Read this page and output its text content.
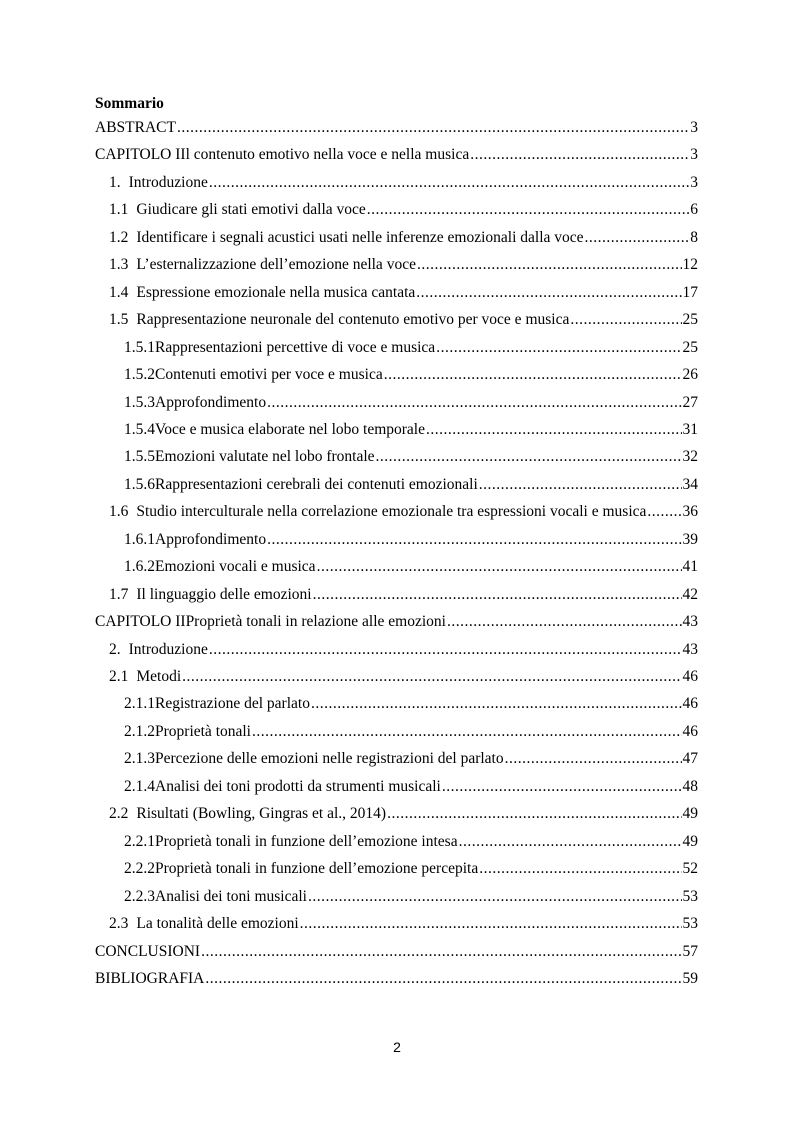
Sommario
ABSTRACT .....	3
CAPITOLO I Il contenuto emotivo nella voce e nella musica .....	3
1. Introduzione .....	3
1.1 Giudicare gli stati emotivi dalla voce .....	6
1.2 Identificare i segnali acustici usati nelle inferenze emozionali dalla voce .....	8
1.3 L’esternalizzazione dell’emozione nella voce .....	12
1.4 Espressione emozionale nella musica cantata .....	17
1.5 Rappresentazione neuronale del contenuto emotivo per voce e musica .....	25
1.5.1 Rappresentazioni percettive di voce e musica .....	25
1.5.2 Contenuti emotivi per voce e musica .....	26
1.5.3 Approfondimento .....	27
1.5.4 Voce e musica elaborate nel lobo temporale .....	31
1.5.5 Emozioni valutate nel lobo frontale .....	32
1.5.6 Rappresentazioni cerebrali dei contenuti emozionali .....	34
1.6 Studio interculturale nella correlazione emozionale tra espressioni vocali e musica ..... 36
1.6.1 Approfondimento .....	39
1.6.2 Emozioni vocali e musica .....	41
1.7 Il linguaggio delle emozioni .....	42
CAPITOLO II Proprietà tonali in relazione alle emozioni .....	43
2. Introduzione .....	43
2.1 Metodi .....	46
2.1.1 Registrazione del parlato .....	46
2.1.2 Proprietà tonali .....	46
2.1.3 Percezione delle emozioni nelle registrazioni del parlato .....	47
2.1.4 Analisi dei toni prodotti da strumenti musicali .....	48
2.2 Risultati (Bowling, Gingras et al., 2014) .....	49
2.2.1 Proprietà tonali in funzione dell’emozione intesa .....	49
2.2.2 Proprietà tonali in funzione dell’emozione percepita .....	52
2.2.3 Analisi dei toni musicali .....	53
2.3 La tonalità delle emozioni .....	53
CONCLUSIONI .....	57
BIBLIOGRAFIA .....	59
2
